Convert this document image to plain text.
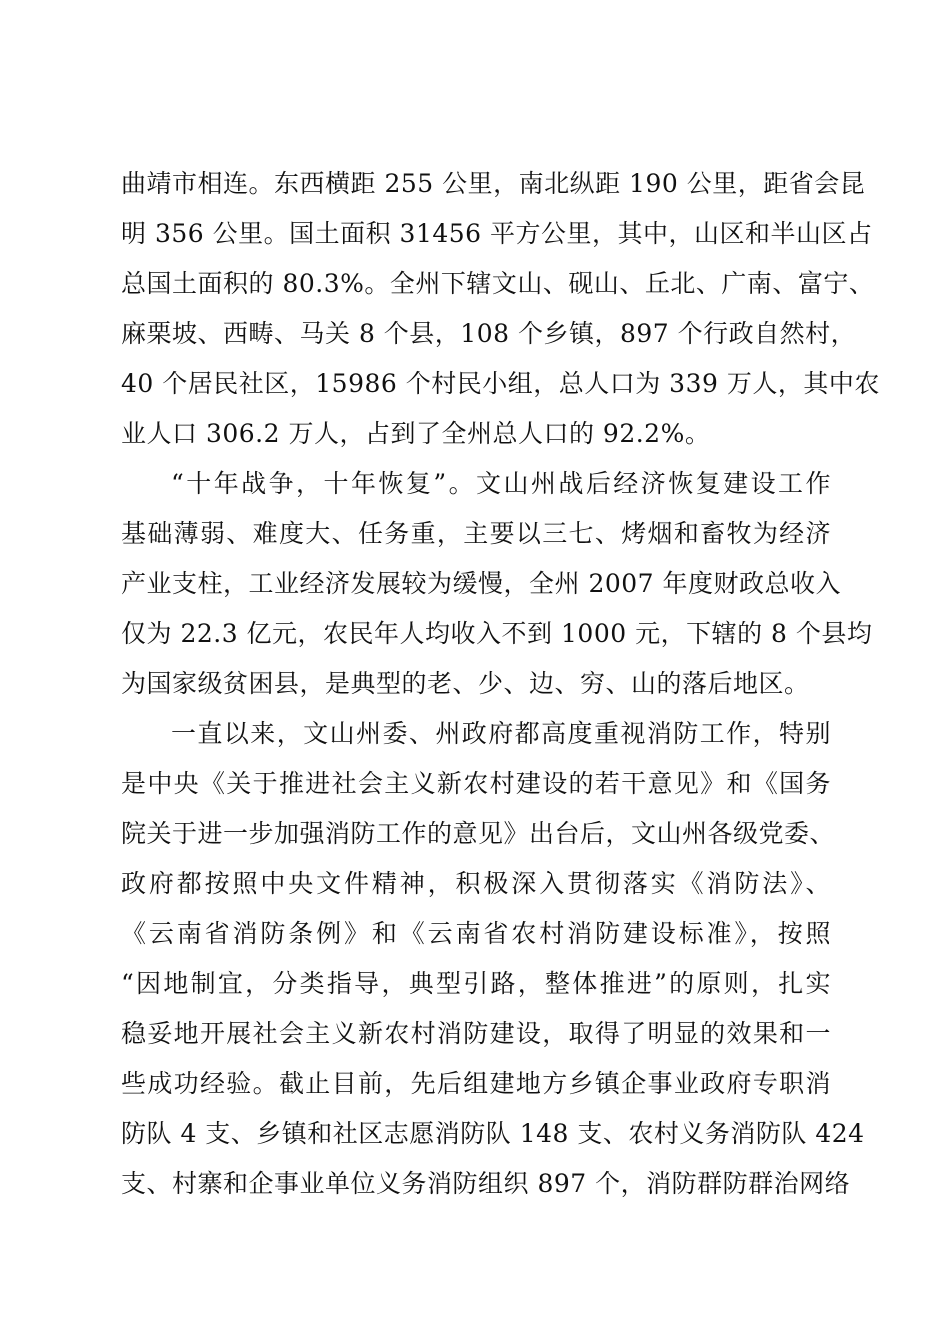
曲靖市相连。东西横距 255 公里，南北纵距 190 公里，距省会昆
明 356 公里。国土面积 31456 平方公里，其中，山区和半山区占
总国土面积的 80.3%。全州下辖文山、砚山、丘北、广南、富宁、
麻栗坡、西畴、马关 8 个县，108 个乡镇，897 个行政自然村，
40 个居民社区，15986 个村民小组，总人口为 339 万人，其中农
业人口 306.2 万人，占到了全州总人口的 92.2%。
“十年战争，十年恢复”。文山州战后经济恢复建设工作
基础薄弱、难度大、任务重，主要以三七、烤烟和畜牧为经济
产业支柱，工业经济发展较为缓慢，全州 2007 年度财政总收入
仅为 22.3 亿元，农民年人均收入不到 1000 元，下辖的 8 个县均
为国家级贫困县，是典型的老、少、边、穷、山的落后地区。
一直以来，文山州委、州政府都高度重视消防工作，特别
是中央《关于推进社会主义新农村建设的若干意见》和《国务
院关于进一步加强消防工作的意见》出台后，文山州各级党委、
政府都按照中央文件精神，积极深入贯彻落实《消防法》、
《云南省消防条例》和《云南省农村消防建设标准》，按照
“因地制宜，分类指导，典型引路，整体推进”的原则，扎实
稳妥地开展社会主义新农村消防建设，取得了明显的效果和一
些成功经验。截止目前，先后组建地方乡镇企事业政府专职消
防队 4 支、乡镇和社区志愿消防队 148 支、农村义务消防队 424
支、村寨和企事业单位义务消防组织 897 个，消防群防群治网络
